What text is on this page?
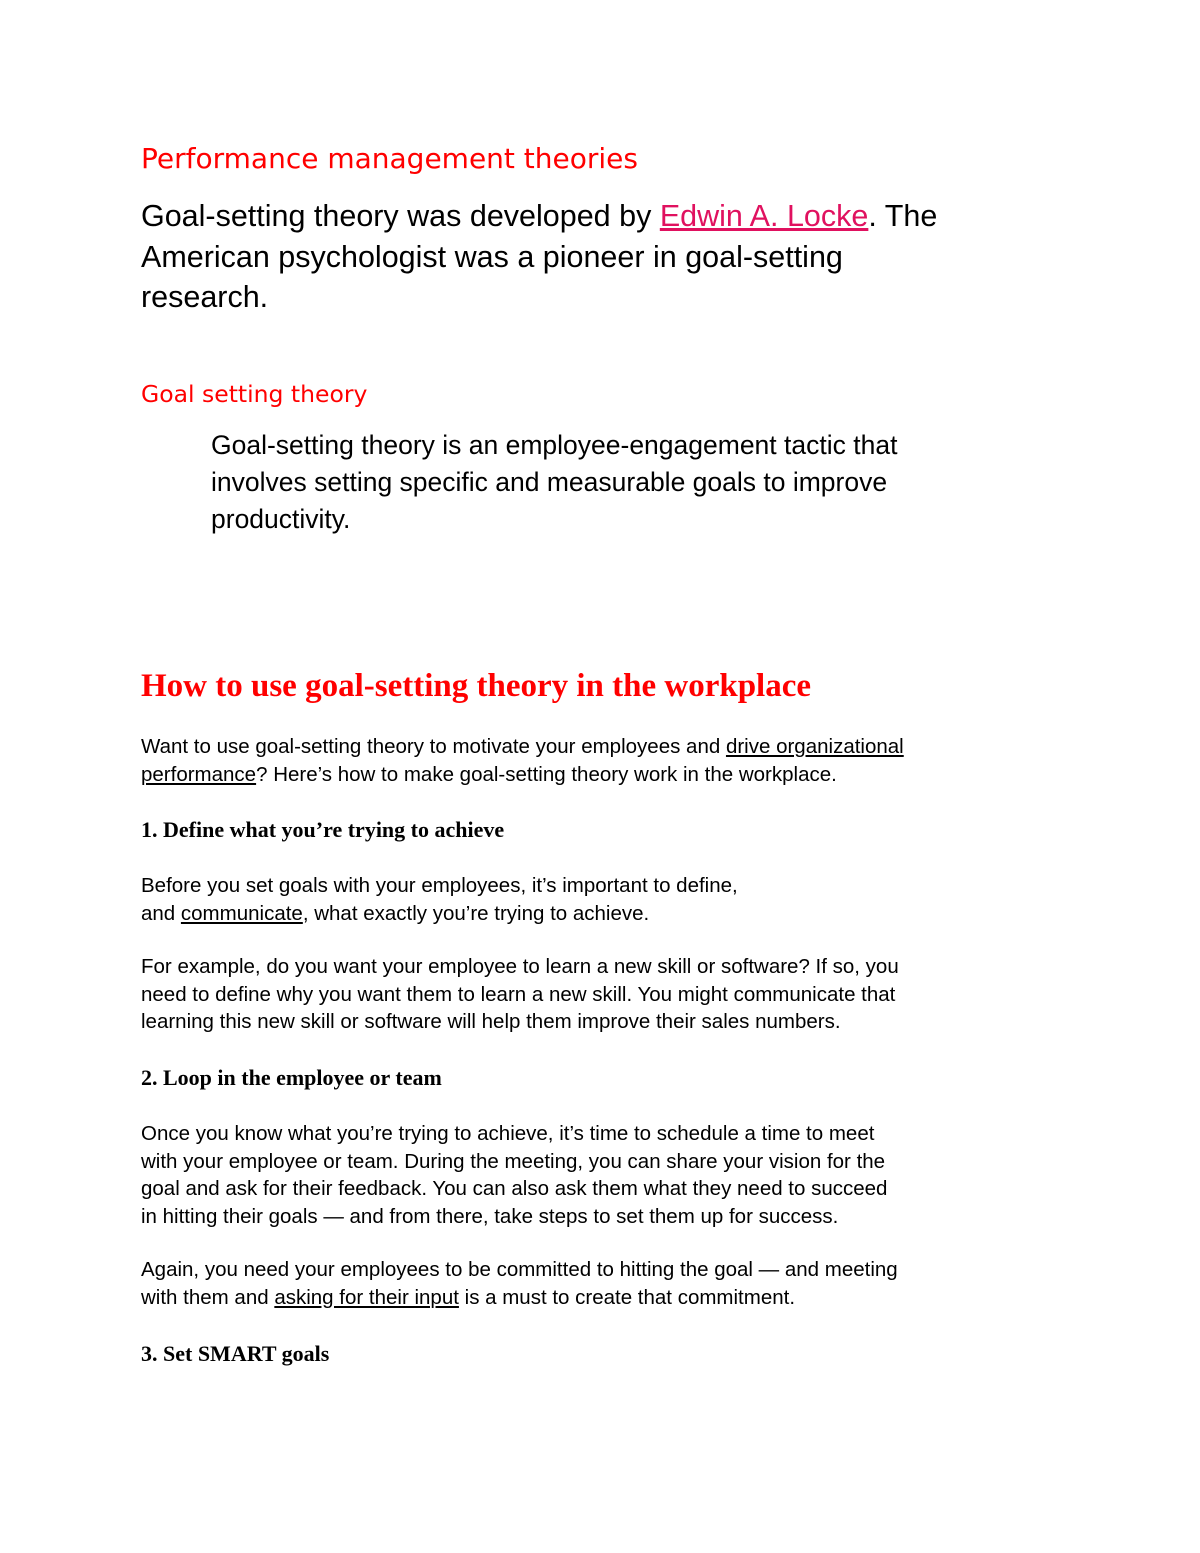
Performance management theories
Goal-setting theory was developed by Edwin A. Locke. The
American psychologist was a pioneer in goal-setting
research.
Goal setting theory
Goal-setting theory is an employee-engagement tactic that
involves setting specific and measurable goals to improve
productivity.
How to use goal-setting theory in the workplace
Want to use goal-setting theory to motivate your employees and drive organizational
performance? Here’s how to make goal-setting theory work in the workplace.
1. Define what you’re trying to achieve
Before you set goals with your employees, it’s important to define,
and communicate, what exactly you’re trying to achieve.
For example, do you want your employee to learn a new skill or software? If so, you
need to define why you want them to learn a new skill. You might communicate that
learning this new skill or software will help them improve their sales numbers.
2. Loop in the employee or team
Once you know what you’re trying to achieve, it’s time to schedule a time to meet
with your employee or team. During the meeting, you can share your vision for the
goal and ask for their feedback. You can also ask them what they need to succeed
in hitting their goals — and from there, take steps to set them up for success.
Again, you need your employees to be committed to hitting the goal — and meeting
with them and asking for their input is a must to create that commitment.
3. Set SMART goals
